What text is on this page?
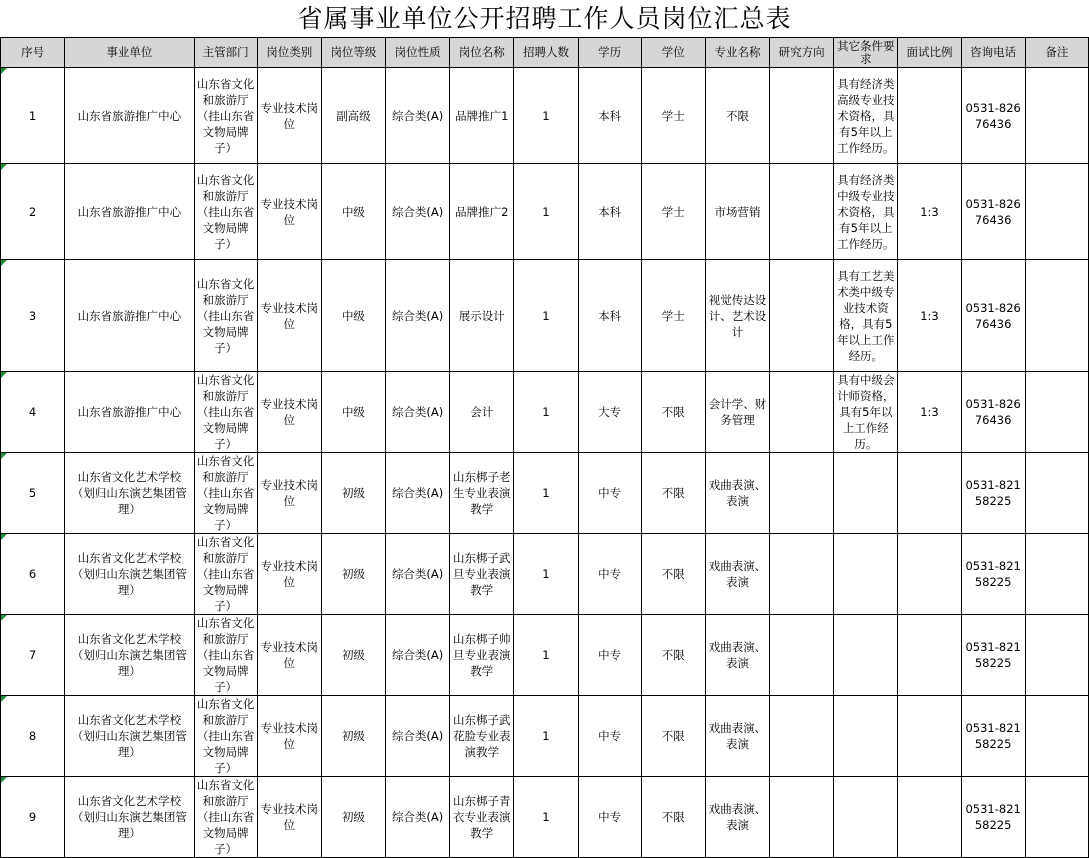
省属事业单位公开招聘工作人员岗位汇总表
序号	事业单位	主管部门	岗位类别	岗位等级	岗位性质	岗位名称	招聘人数	学历	学位	专业名称	研究方向	其它条件要求	面试比例	咨询电话	备注
1	山东省旅游推广中心	山东省文化和旅游厅（挂山东省文物局牌子）	专业技术岗位	副高级	综合类(A)	品牌推广1	1	本科	学士	不限		具有经济类高级专业技术资格，具有5年以上工作经历。		0531-82676436	
2	山东省旅游推广中心	山东省文化和旅游厅（挂山东省文物局牌子）	专业技术岗位	中级	综合类(A)	品牌推广2	1	本科	学士	市场营销		具有经济类中级专业技术资格，具有5年以上工作经历。	1:3	0531-82676436	
3	山东省旅游推广中心	山东省文化和旅游厅（挂山东省文物局牌子）	专业技术岗位	中级	综合类(A)	展示设计	1	本科	学士	视觉传达设计、艺术设计		具有工艺美术类中级专业技术资格，具有5年以上工作经历。	1:3	0531-82676436	
4	山东省旅游推广中心	山东省文化和旅游厅（挂山东省文物局牌子）	专业技术岗位	中级	综合类(A)	会计	1	大专	不限	会计学、财务管理		具有中级会计师资格，具有5年以上工作经历。	1:3	0531-82676436	
5	山东省文化艺术学校（划归山东演艺集团管理）	山东省文化和旅游厅（挂山东省文物局牌子）	专业技术岗位	初级	综合类(A)	山东梆子老生专业表演教学	1	中专	不限	戏曲表演、表演				0531-82158225	
6	山东省文化艺术学校（划归山东演艺集团管理）	山东省文化和旅游厅（挂山东省文物局牌子）	专业技术岗位	初级	综合类(A)	山东梆子武旦专业表演教学	1	中专	不限	戏曲表演、表演				0531-82158225	
7	山东省文化艺术学校（划归山东演艺集团管理）	山东省文化和旅游厅（挂山东省文物局牌子）	专业技术岗位	初级	综合类(A)	山东梆子帅旦专业表演教学	1	中专	不限	戏曲表演、表演				0531-82158225	
8	山东省文化艺术学校（划归山东演艺集团管理）	山东省文化和旅游厅（挂山东省文物局牌子）	专业技术岗位	初级	综合类(A)	山东梆子武花脸专业表演教学	1	中专	不限	戏曲表演、表演				0531-82158225	
9	山东省文化艺术学校（划归山东演艺集团管理）	山东省文化和旅游厅（挂山东省文物局牌子）	专业技术岗位	初级	综合类(A)	山东梆子青衣专业表演教学	1	中专	不限	戏曲表演、表演				0531-82158225	
